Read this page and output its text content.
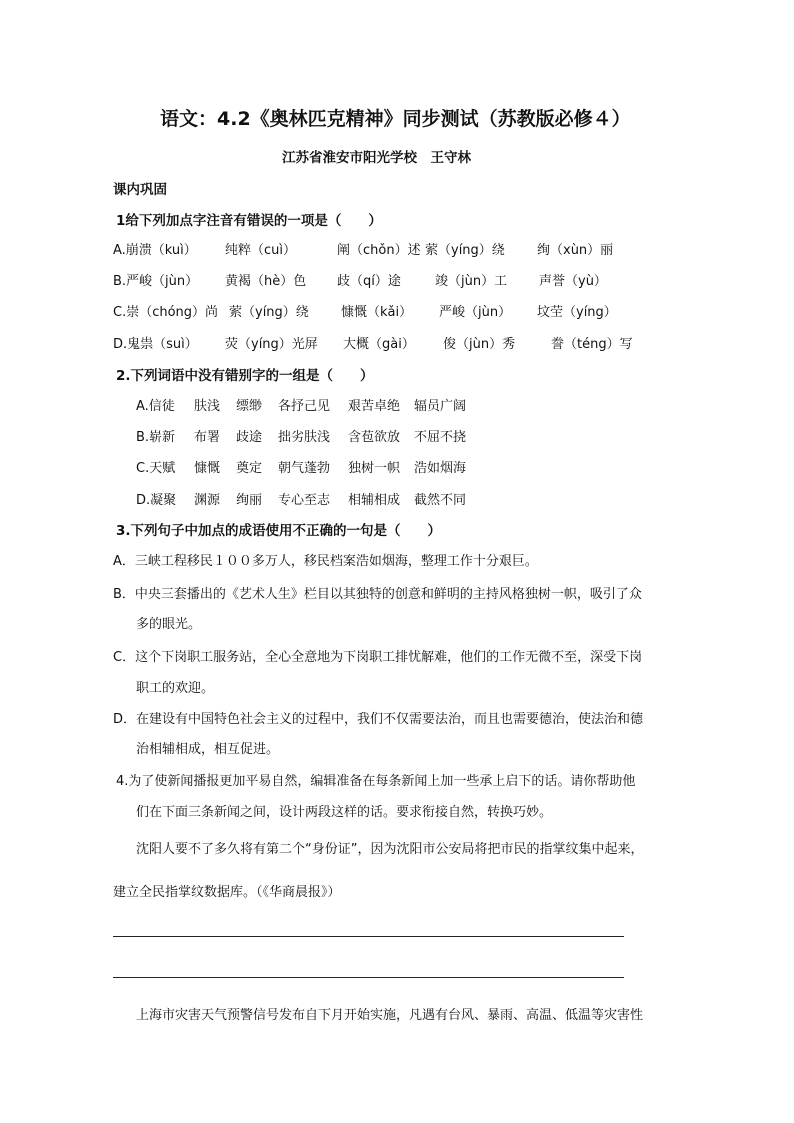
语文：4.2《奥林匹克精神》同步测试（苏教版必修４）
江苏省淮安市阳光学校　王守林
课内巩固
1给下列加点字注音有错误的一项是（　　）
A.崩溃（kuì） 纯粹（cuì）	阐（chǒn）述 萦（yíng）绕 绚（xùn）丽
B.严峻（jùn） 黄褐（hè）色 歧（qí）途	竣（jùn）工 声誉（yù）
C.崇（chóng）尚 萦（yíng）绕 慷慨（kǎi） 严峻（jùn） 坟茔（yíng）
D.鬼祟（suì） 荧（yíng）光屏 大概（gài） 俊（jùn）秀	誊（téng）写
2.下列词语中没有错别字的一组是（　　）
A.信徒 肤浅 缥缈 各抒己见 艰苦卓绝 辐员广阔
B.崭新 布署 歧途 拙劣肤浅 含苞欲放 不屈不挠
C.天赋 慷慨 奠定 朝气蓬勃 独树一帜 浩如烟海
D.凝聚 渊源 绚丽 专心至志 相辅相成 截然不同
3.下列句子中加点的成语使用不正确的一句是（　　）
A．三峡工程移民１００多万人，移民档案浩如烟海，整理工作十分艰巨。
B．中央三套播出的《艺术人生》栏目以其独特的创意和鲜明的主持风格独树一帜，吸引了众
多的眼光。
C．这个下岗职工服务站，全心全意地为下岗职工排忧解难，他们的工作无微不至，深受下岗
职工的欢迎。
D．在建设有中国特色社会主义的过程中，我们不仅需要法治，而且也需要德治，使法治和德
治相辅相成，相互促进。
4.为了使新闻播报更加平易自然，编辑准备在每条新闻上加一些承上启下的话。请你帮助他
们在下面三条新闻之间，设计两段这样的话。要求衔接自然，转换巧妙。
沈阳人要不了多久将有第二个“身份证”，因为沈阳市公安局将把市民的指掌纹集中起来，
建立全民指掌纹数据库。（《华商晨报》）
上海市灾害天气预警信号发布自下月开始实施，凡遇有台风、暴雨、高温、低温等灾害性
